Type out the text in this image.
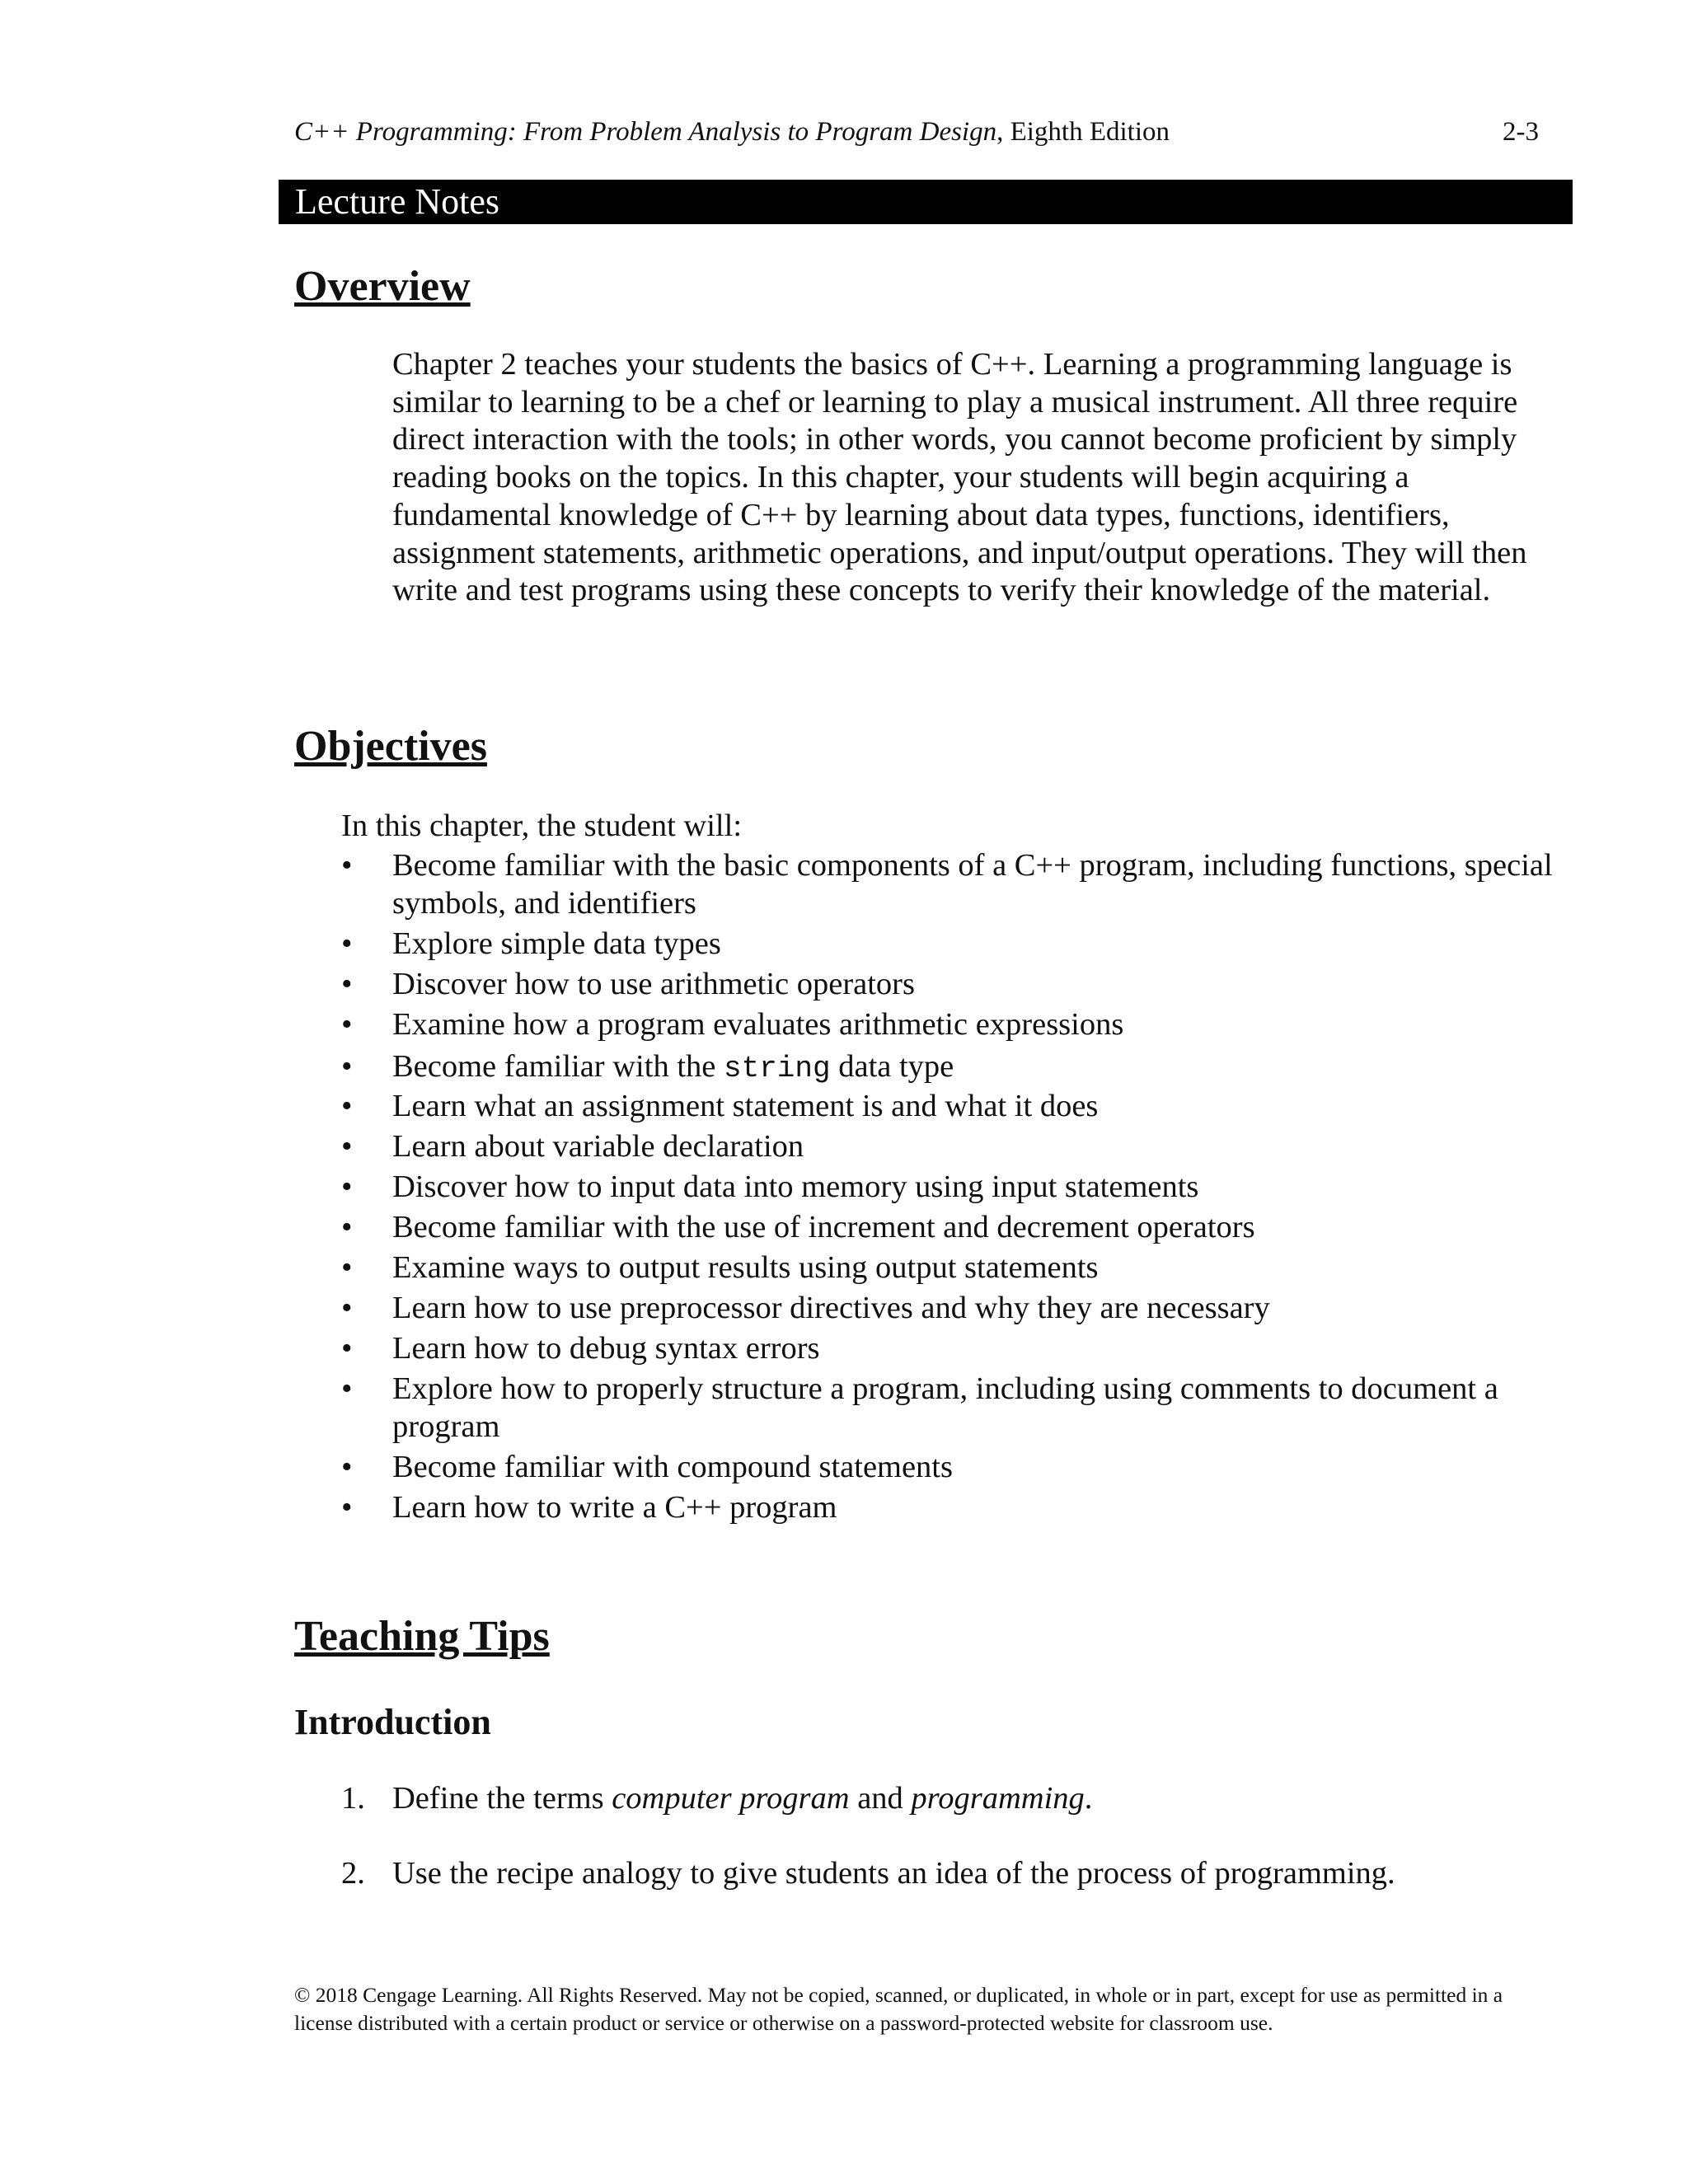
C++ Programming: From Problem Analysis to Program Design, Eighth Edition	2-3
Lecture Notes
Overview

Chapter 2 teaches your students the basics of C++. Learning a programming language is similar to learning to be a chef or learning to play a musical instrument. All three require direct interaction with the tools; in other words, you cannot become proficient by simply reading books on the topics. In this chapter, your students will begin acquiring a fundamental knowledge of C++ by learning about data types, functions, identifiers, assignment statements, arithmetic operations, and input/output operations. They will then write and test programs using these concepts to verify their knowledge of the material.

Objectives
In this chapter, the student will:
• Become familiar with the basic components of a C++ program, including functions, special symbols, and identifiers
• Explore simple data types
• Discover how to use arithmetic operators
• Examine how a program evaluates arithmetic expressions
• Become familiar with the string data type
• Learn what an assignment statement is and what it does
• Learn about variable declaration
• Discover how to input data into memory using input statements
• Become familiar with the use of increment and decrement operators
• Examine ways to output results using output statements
• Learn how to use preprocessor directives and why they are necessary
• Learn how to debug syntax errors
• Explore how to properly structure a program, including using comments to document a program
• Become familiar with compound statements
• Learn how to write a C++ program
Teaching Tips
Introduction
1. Define the terms computer program and programming.
2. Use the recipe analogy to give students an idea of the process of programming.
© 2018 Cengage Learning. All Rights Reserved. May not be copied, scanned, or duplicated, in whole or in part, except for use as permitted in a license distributed with a certain product or service or otherwise on a password-protected website for classroom use.
